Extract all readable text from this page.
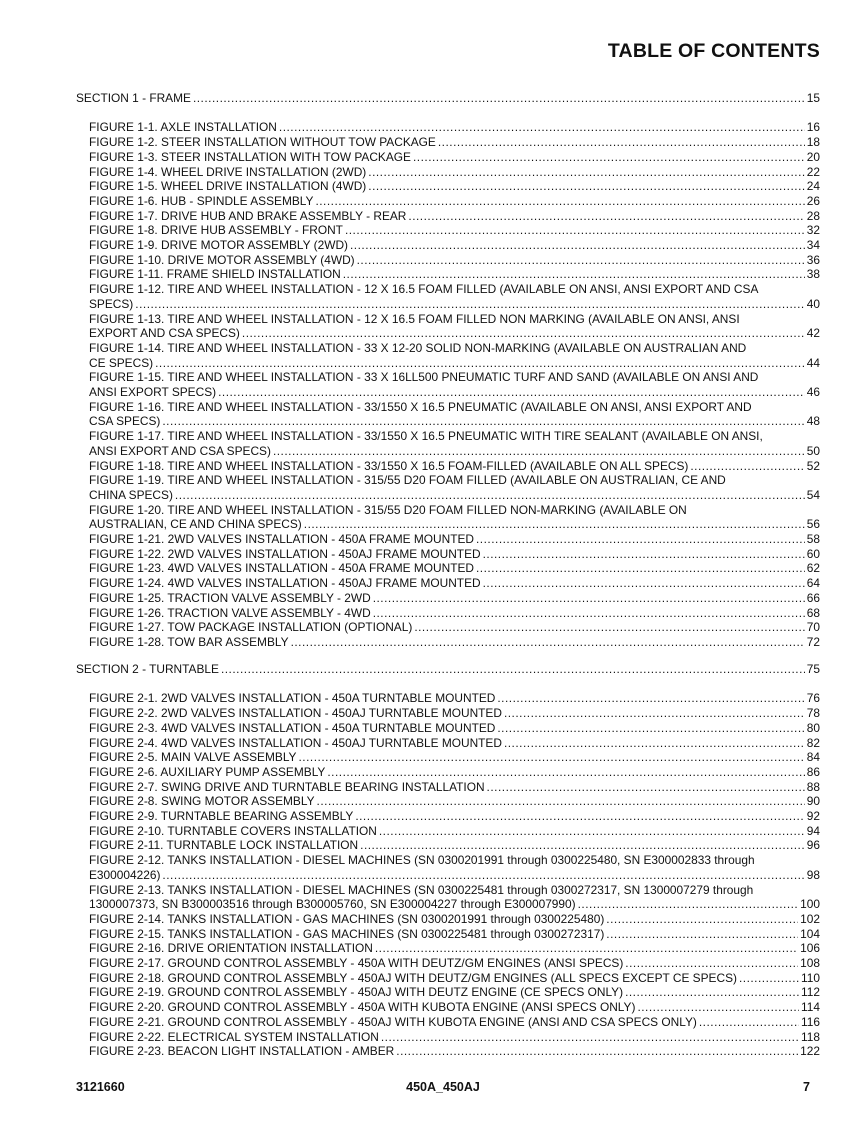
TABLE OF CONTENTS
SECTION 1 - FRAME .....	15
FIGURE 1-1. AXLE INSTALLATION .....	16
FIGURE 1-2. STEER INSTALLATION WITHOUT TOW PACKAGE .....	18
FIGURE 1-3. STEER INSTALLATION WITH TOW PACKAGE .....	20
FIGURE 1-4. WHEEL DRIVE INSTALLATION (2WD) .....	22
FIGURE 1-5. WHEEL DRIVE INSTALLATION (4WD) .....	24
FIGURE 1-6. HUB - SPINDLE ASSEMBLY .....	26
FIGURE 1-7. DRIVE HUB AND BRAKE ASSEMBLY - REAR .....	28
FIGURE 1-8. DRIVE HUB ASSEMBLY - FRONT .....	32
FIGURE 1-9. DRIVE MOTOR ASSEMBLY (2WD) .....	34
FIGURE 1-10. DRIVE MOTOR ASSEMBLY (4WD) .....	36
FIGURE 1-11. FRAME SHIELD INSTALLATION .....	38
FIGURE 1-12. TIRE AND WHEEL INSTALLATION - 12 X 16.5 FOAM FILLED (AVAILABLE ON ANSI, ANSI EXPORT AND CSA
SPECS) .....	40
FIGURE 1-13. TIRE AND WHEEL INSTALLATION - 12 X 16.5 FOAM FILLED NON MARKING (AVAILABLE ON ANSI, ANSI
EXPORT AND CSA SPECS) .....	42
FIGURE 1-14. TIRE AND WHEEL INSTALLATION - 33 X 12-20 SOLID NON-MARKING (AVAILABLE ON AUSTRALIAN AND
CE SPECS) .....	44
FIGURE 1-15. TIRE AND WHEEL INSTALLATION - 33 X 16LL500 PNEUMATIC TURF AND SAND (AVAILABLE ON ANSI AND
ANSI EXPORT SPECS) .....	46
FIGURE 1-16. TIRE AND WHEEL INSTALLATION - 33/1550 X 16.5 PNEUMATIC (AVAILABLE ON ANSI, ANSI EXPORT AND
CSA SPECS) .....	48
FIGURE 1-17. TIRE AND WHEEL INSTALLATION - 33/1550 X 16.5 PNEUMATIC WITH TIRE SEALANT (AVAILABLE ON ANSI,
ANSI EXPORT AND CSA SPECS) .....	50
FIGURE 1-18. TIRE AND WHEEL INSTALLATION - 33/1550 X 16.5 FOAM-FILLED (AVAILABLE ON ALL SPECS) .....	52
FIGURE 1-19. TIRE AND WHEEL INSTALLATION - 315/55 D20 FOAM FILLED (AVAILABLE ON AUSTRALIAN, CE AND
CHINA SPECS) .....	54
FIGURE 1-20. TIRE AND WHEEL INSTALLATION - 315/55 D20 FOAM FILLED NON-MARKING (AVAILABLE ON
AUSTRALIAN, CE AND CHINA SPECS) .....	56
FIGURE 1-21. 2WD VALVES INSTALLATION - 450A FRAME MOUNTED .....	58
FIGURE 1-22. 2WD VALVES INSTALLATION - 450AJ FRAME MOUNTED .....	60
FIGURE 1-23. 4WD VALVES INSTALLATION - 450A FRAME MOUNTED .....	62
FIGURE 1-24. 4WD VALVES INSTALLATION - 450AJ FRAME MOUNTED .....	64
FIGURE 1-25. TRACTION VALVE ASSEMBLY - 2WD .....	66
FIGURE 1-26. TRACTION VALVE ASSEMBLY - 4WD .....	68
FIGURE 1-27. TOW PACKAGE INSTALLATION (OPTIONAL) .....	70
FIGURE 1-28. TOW BAR ASSEMBLY .....	72
SECTION 2 - TURNTABLE .....	75
FIGURE 2-1. 2WD VALVES INSTALLATION - 450A TURNTABLE MOUNTED .....	76
FIGURE 2-2. 2WD VALVES INSTALLATION - 450AJ TURNTABLE MOUNTED .....	78
FIGURE 2-3. 4WD VALVES INSTALLATION - 450A TURNTABLE MOUNTED .....	80
FIGURE 2-4. 4WD VALVES INSTALLATION - 450AJ TURNTABLE MOUNTED .....	82
FIGURE 2-5. MAIN VALVE ASSEMBLY .....	84
FIGURE 2-6. AUXILIARY PUMP ASSEMBLY .....	86
FIGURE 2-7. SWING DRIVE AND TURNTABLE BEARING INSTALLATION .....	88
FIGURE 2-8. SWING MOTOR ASSEMBLY .....	90
FIGURE 2-9. TURNTABLE BEARING ASSEMBLY .....	92
FIGURE 2-10. TURNTABLE COVERS INSTALLATION .....	94
FIGURE 2-11. TURNTABLE LOCK INSTALLATION .....	96
FIGURE 2-12. TANKS INSTALLATION - DIESEL MACHINES (SN 0300201991 through 0300225480, SN E300002833 through
E300004226) .....	98
FIGURE 2-13. TANKS INSTALLATION - DIESEL MACHINES (SN 0300225481 through 0300272317, SN 1300007279 through
1300007373, SN B300003516 through B300005760, SN E300004227 through E300007990) .....	100
FIGURE 2-14. TANKS INSTALLATION - GAS MACHINES (SN 0300201991 through 0300225480) .....	102
FIGURE 2-15. TANKS INSTALLATION - GAS MACHINES (SN 0300225481 through 0300272317) .....	104
FIGURE 2-16. DRIVE ORIENTATION INSTALLATION .....	106
FIGURE 2-17. GROUND CONTROL ASSEMBLY - 450A WITH DEUTZ/GM ENGINES (ANSI SPECS) .....	108
FIGURE 2-18. GROUND CONTROL ASSEMBLY - 450AJ WITH DEUTZ/GM ENGINES (ALL SPECS EXCEPT CE SPECS) .....	110
FIGURE 2-19. GROUND CONTROL ASSEMBLY - 450AJ WITH DEUTZ ENGINE (CE SPECS ONLY) .....	112
FIGURE 2-20. GROUND CONTROL ASSEMBLY - 450A WITH KUBOTA ENGINE (ANSI SPECS ONLY) .....	114
FIGURE 2-21. GROUND CONTROL ASSEMBLY - 450AJ WITH KUBOTA ENGINE (ANSI AND CSA SPECS ONLY) .....	116
FIGURE 2-22. ELECTRICAL SYSTEM INSTALLATION .....	118
FIGURE 2-23. BEACON LIGHT INSTALLATION - AMBER .....	122
3121660	450A_450AJ	7
